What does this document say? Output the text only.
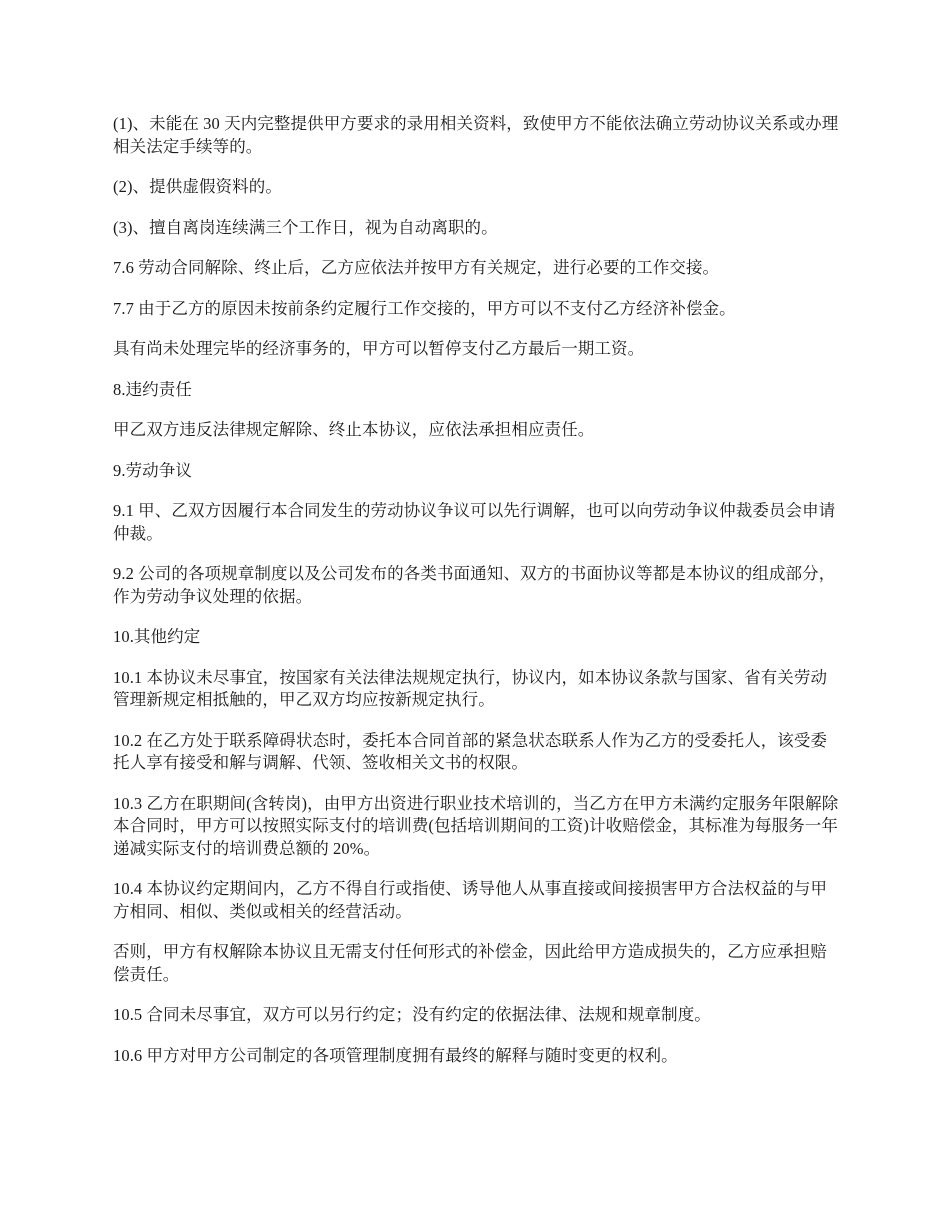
(1)、未能在 30 天内完整提供甲方要求的录用相关资料，致使甲方不能依法确立劳动协议关系或办理相关法定手续等的。

(2)、提供虚假资料的。

(3)、擅自离岗连续满三个工作日，视为自动离职的。

7.6 劳动合同解除、终止后，乙方应依法并按甲方有关规定，进行必要的工作交接。

7.7 由于乙方的原因未按前条约定履行工作交接的，甲方可以不支付乙方经济补偿金。

具有尚未处理完毕的经济事务的，甲方可以暂停支付乙方最后一期工资。

8.违约责任

甲乙双方违反法律规定解除、终止本协议，应依法承担相应责任。

9.劳动争议

9.1 甲、乙双方因履行本合同发生的劳动协议争议可以先行调解，也可以向劳动争议仲裁委员会申请仲裁。

9.2 公司的各项规章制度以及公司发布的各类书面通知、双方的书面协议等都是本协议的组成部分，作为劳动争议处理的依据。

10.其他约定

10.1 本协议未尽事宜，按国家有关法律法规规定执行，协议内，如本协议条款与国家、省有关劳动管理新规定相抵触的，甲乙双方均应按新规定执行。

10.2 在乙方处于联系障碍状态时，委托本合同首部的紧急状态联系人作为乙方的受委托人，该受委托人享有接受和解与调解、代领、签收相关文书的权限。

10.3 乙方在职期间(含转岗)，由甲方出资进行职业技术培训的，当乙方在甲方未满约定服务年限解除本合同时，甲方可以按照实际支付的培训费(包括培训期间的工资)计收赔偿金，其标准为每服务一年递减实际支付的培训费总额的 20%。

10.4 本协议约定期间内，乙方不得自行或指使、诱导他人从事直接或间接损害甲方合法权益的与甲方相同、相似、类似或相关的经营活动。

否则，甲方有权解除本协议且无需支付任何形式的补偿金，因此给甲方造成损失的，乙方应承担赔偿责任。

10.5 合同未尽事宜，双方可以另行约定；没有约定的依据法律、法规和规章制度。

10.6 甲方对甲方公司制定的各项管理制度拥有最终的解释与随时变更的权利。
